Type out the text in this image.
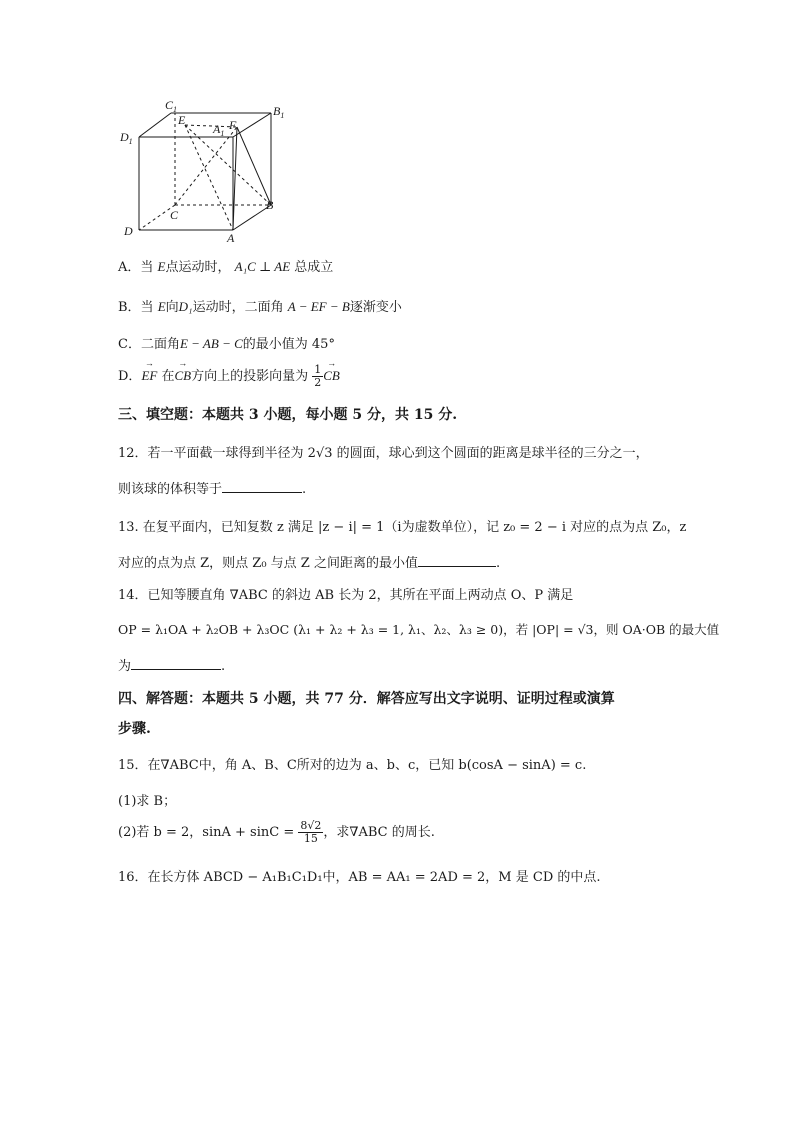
$C_1$	$B_1$
$D_1$
$A_1$
E	F
C
B
D	A
A．当 E点运动时， A₁C ⊥ AE 总成立
B．当 E向D₁运动时，二面角 A − EF − B逐渐变小
C．二面角E − AB − C的最小值为 45°
D．→ EF 在→ CB方向上的投影向量为 $\frac{1}{2}$
→ CB
三、填空题：本题共 3 小题，每小题 5 分，共 15 分.
12．若一平面截一球得到半径为 2√3 的圆面，球心到这个圆面的距离是球半径的三分之一，
则该球的体积等于	.
13. 在复平面内，已知复数 z 满足 |z − i| = 1（i为虚数单位），记 z₀ = 2 − i 对应的点为点 Z₀，z
对应的点为点 Z，则点 Z₀ 与点 Z 之间距离的最小值	.
14．已知等腰直角 ∇ABC 的斜边 AB 长为 2，其所在平面上两动点 O、P 满足
OP = λ₁OA + λ₂OB + λ₃OC (λ₁ + λ₂ + λ₃ = 1, λ₁、λ₂、λ₃ ≥ 0)，若 |OP| = √3，则 OA·OB 的最大值
为	.
四、解答题：本题共 5 小题，共 77 分．解答应写出文字说明、证明过程或演算
步骤.
15．在∇ABC中，角 A、B、C所对的边为 a、b、c，已知 b(cosA − sinA) = c.
(1)求 B；
(2)若 b = 2，$\sin A + \sin C = \frac{8√2}{15}$ ，求∇ABC 的周长.
16．在长方体 ABCD − A₁B₁C₁D₁中，AB = AA₁ = 2AD = 2，M 是 CD 的中点.
